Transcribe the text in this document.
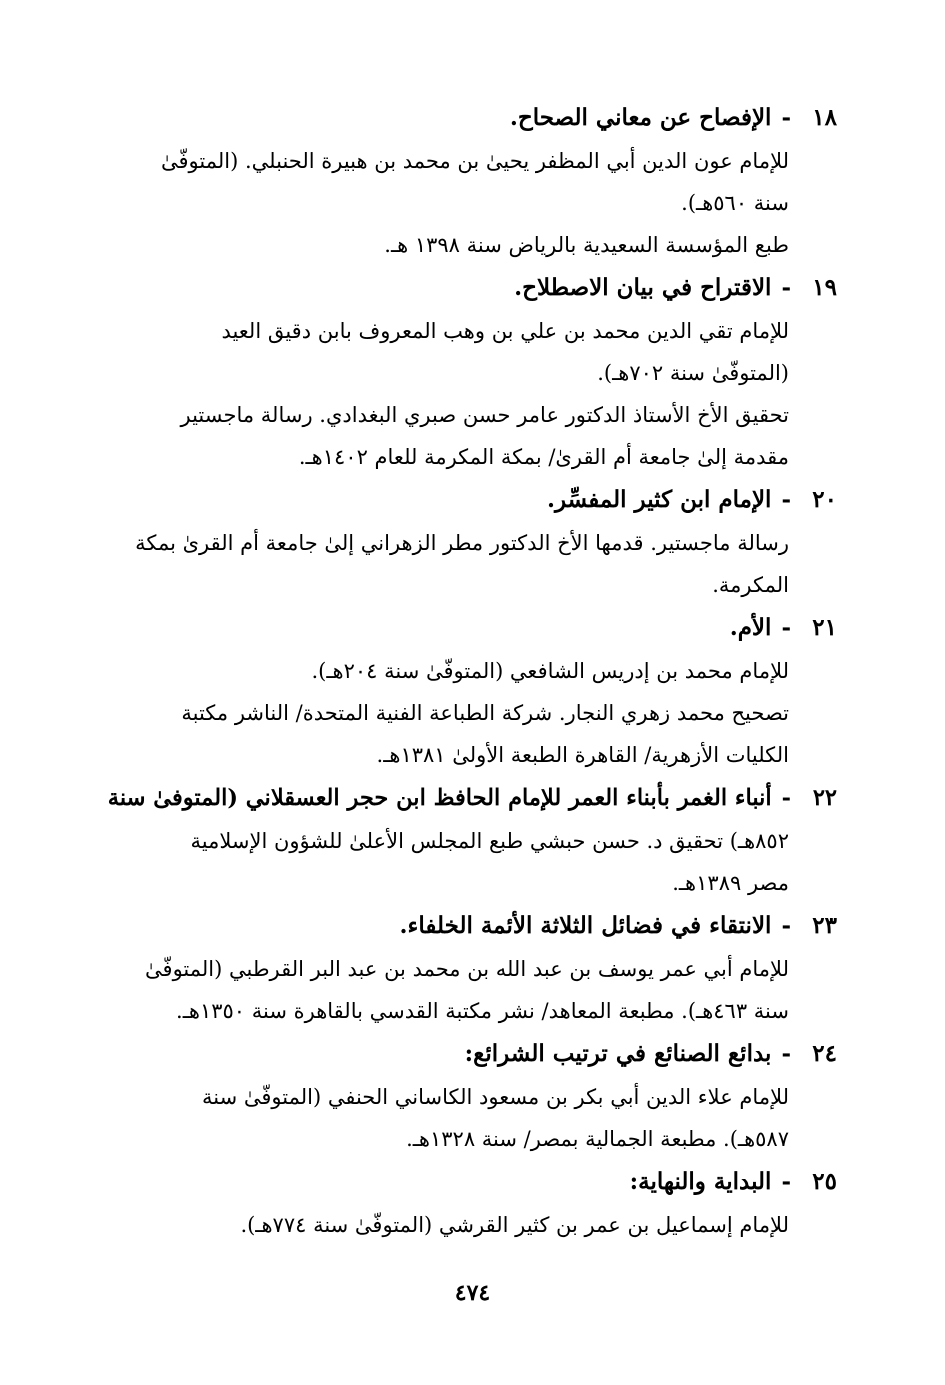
١٨
-
الإفصاح عن معاني الصحاح.

للإمام عون الدين أبي المظفر يحيىٰ بن محمد بن هبيرة الحنبلي. (المتوفّىٰ
سنة ٥٦٠هـ).

طبع المؤسسة السعيدية بالرياض سنة ١٣٩٨ هـ.

١٩
-
الاقتراح في بيان الاصطلاح.

للإمام تقي الدين محمد بن علي بن وهب المعروف بابن دقيق العيد
(المتوفّىٰ سنة ٧٠٢هـ).

تحقيق الأخ الأستاذ الدكتور عامر حسن صبري البغدادي. رسالة ماجستير
مقدمة إلىٰ جامعة أم القرىٰ/ بمكة المكرمة للعام ١٤٠٢هـ.

٢٠
-
الإمام ابن كثير المفسِّر.

رسالة ماجستير. قدمها الأخ الدكتور مطر الزهراني إلىٰ جامعة أم القرىٰ بمكة
المكرمة.

٢١
-
الأم.

للإمام محمد بن إدريس الشافعي (المتوفّىٰ سنة ٢٠٤هـ).

تصحيح محمد زهري النجار. شركة الطباعة الفنية المتحدة/ الناشر مكتبة
الكليات الأزهرية/ القاهرة الطبعة الأولىٰ ١٣٨١هـ.

٢٢
-
أنباء الغمر بأبناء العمر للإمام الحافظ ابن حجر العسقلاني (المتوفىٰ سنة

٨٥٢هـ) تحقيق د. حسن حبشي طبع المجلس الأعلىٰ للشؤون الإسلامية
مصر ١٣٨٩هـ.

٢٣
-
الانتقاء في فضائل الثلاثة الأئمة الخلفاء.

للإمام أبي عمر يوسف بن عبد الله بن محمد بن عبد البر القرطبي (المتوفّىٰ
سنة ٤٦٣هـ). مطبعة المعاهد/ نشر مكتبة القدسي بالقاهرة سنة ١٣٥٠هـ.

٢٤
-
بدائع الصنائع في ترتيب الشرائع:

للإمام علاء الدين أبي بكر بن مسعود الكاساني الحنفي (المتوفّىٰ سنة
٥٨٧هـ). مطبعة الجمالية بمصر/ سنة ١٣٢٨هـ.

٢٥
-
البداية والنهاية:

للإمام إسماعيل بن عمر بن كثير القرشي (المتوفّىٰ سنة ٧٧٤هـ).

٤٧٤
